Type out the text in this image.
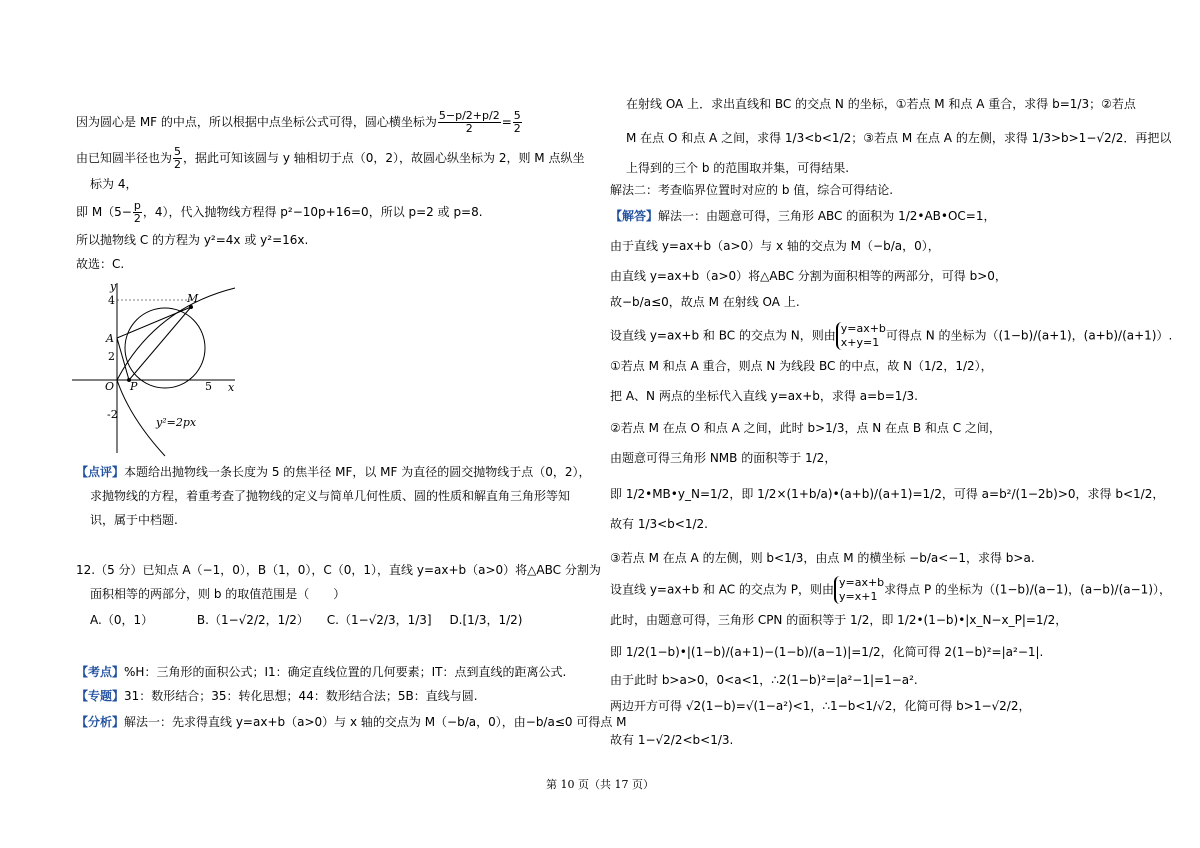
因为圆心是 MF 的中点，所以根据中点坐标公式可得，圆心横坐标为 $\frac{5-p/2+p/2}{2} = \frac{5}{2}$
由已知圆半径也为 $\frac{5}{2}$ ，据此可知该圆与 y 轴相切于点（0，2），故圆心纵坐标为 2，则 M 点纵坐
标为 4，
即 $M(5- \frac{p}{2}$ ，4），代入抛物线方程得 p²−10p+16=0，所以 p=2 或 p=8.
所以抛物线 C 的方程为 y²=4x 或 y²=16x.
故选：C.
y
x
O
4
A
2
P	5
-2
M
y²=2px
【点评】本题给出抛物线一条长度为 5 的焦半径 MF，以 MF 为直径的圆交抛物线于点（0，2），
求抛物线的方程，着重考查了抛物线的定义与简单几何性质、圆的性质和解直角三角形等知
识，属于中档题.
12.（5 分）已知点 A（−1，0），B（1，0），C（0，1），直线 y=ax+b（a>0）将△ABC 分割为
面积相等的两部分，则 b 的取值范围是（　　）
A.（0，1）	B.（1−√2/2，1/2） C.（1−√2/3，1/3] D.[1/3，1/2)
【考点】%H：三角形的面积公式；I1：确定直线位置的几何要素；IT：点到直线的距离公式.
【专题】31：数形结合；35：转化思想；44：数形结合法；5B：直线与圆.
【分析】解法一：先求得直线 y=ax+b（a>0）与 x 轴的交点为 M（−b/a，0），由−b/a≤0 可得点 M
在射线 OA 上．求出直线和 BC 的交点 N 的坐标，①若点 M 和点 A 重合，求得 b=1/3；②若点
M 在点 O 和点 A 之间，求得 1/3<b<1/2；③若点 M 在点 A 的左侧，求得 1/3>b>1−√2/2．再把以
上得到的三个 b 的范围取并集，可得结果.
解法二：考查临界位置时对应的 b 值，综合可得结论.
【解答】解法一：由题意可得，三角形 ABC 的面积为 1/2•AB•OC=1，
由于直线 y=ax+b（a>0）与 x 轴的交点为 M（−b/a，0），
由直线 y=ax+b（a>0）将△ABC 分割为面积相等的两部分，可得 b>0，
故−b/a≤0，故点 M 在射线 OA 上.
设直线 y=ax+b 和 BC 的交点为 N，则由 y=ax+b
x+y=1 可得点 N 的坐标为（(1−b)/(a+1)，(a+b)/(a+1)）.
①若点 M 和点 A 重合，则点 N 为线段 BC 的中点，故 N（1/2，1/2），
把 A、N 两点的坐标代入直线 y=ax+b，求得 a=b=1/3.
②若点 M 在点 O 和点 A 之间，此时 b>1/3，点 N 在点 B 和点 C 之间，
由题意可得三角形 NMB 的面积等于 1/2，
即 1/2•MB•y_N=1/2，即 1/2×(1+b/a)•(a+b)/(a+1)=1/2，可得 a=b²/(1−2b)>0，求得 b<1/2，
故有 1/3<b<1/2.
③若点 M 在点 A 的左侧，则 b<1/3，由点 M 的横坐标 −b/a<−1，求得 b>a.
设直线 y=ax+b 和 AC 的交点为 P，则由 y=ax+b
y=x+1 求得点 P 的坐标为（(1−b)/(a−1)，(a−b)/(a−1)），
此时，由题意可得，三角形 CPN 的面积等于 1/2，即 1/2•(1−b)•|x_N−x_P|=1/2，
即 1/2(1−b)•|(1−b)/(a+1)−(1−b)/(a−1)|=1/2，化简可得 2(1−b)²=|a²−1|.
由于此时 b>a>0，0<a<1，∴2(1−b)²=|a²−1|=1−a².
两边开方可得 √2(1−b)=√(1−a²)<1，∴1−b<1/√2，化简可得 b>1−√2/2，
故有 1−√2/2<b<1/3.
第 10 页（共 17 页）
